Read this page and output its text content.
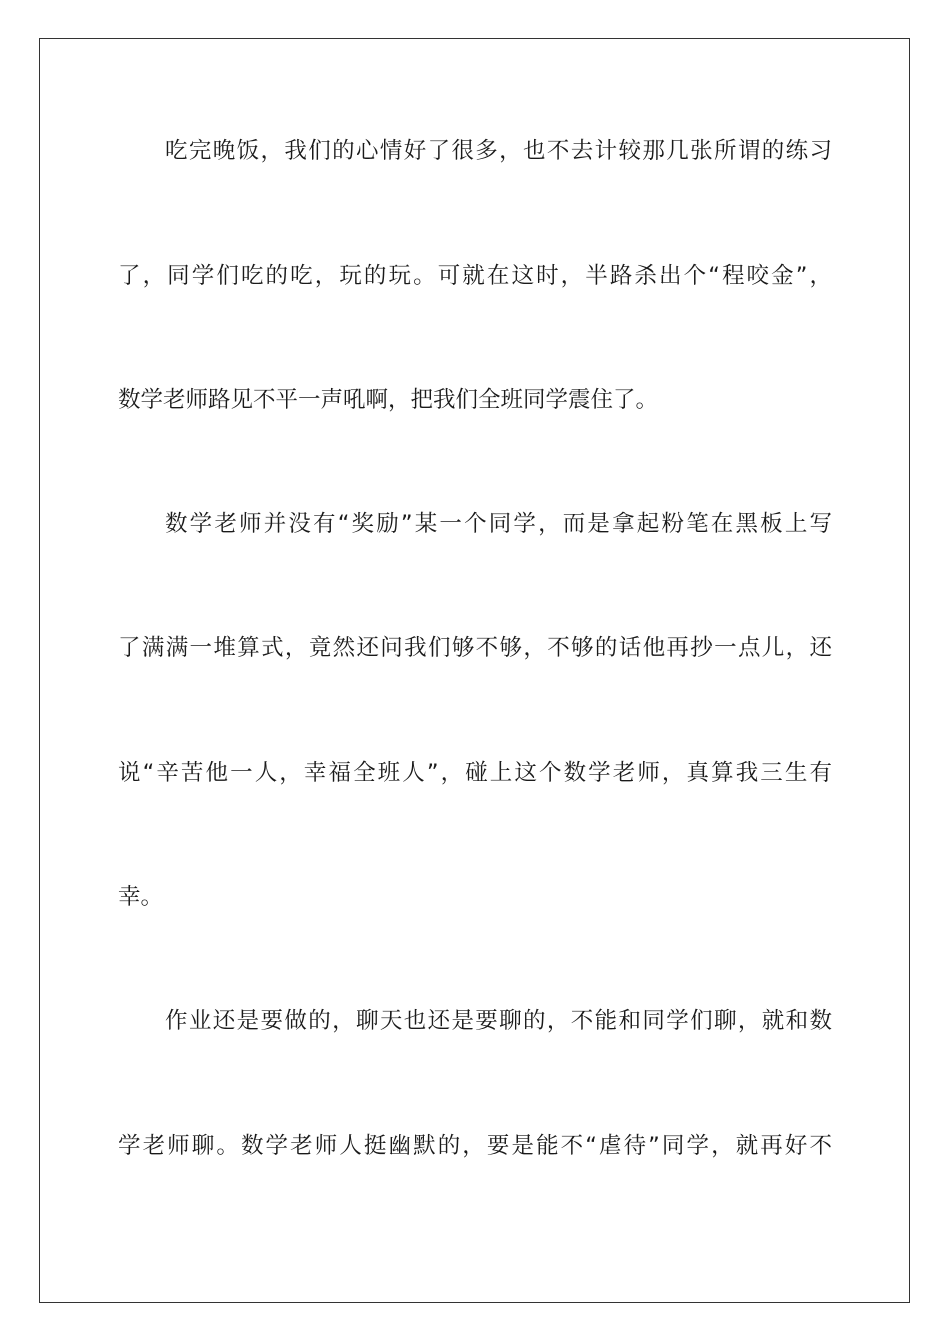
吃完晚饭，我们的心情好了很多，也不去计较那几张所谓的练习
了，同学们吃的吃，玩的玩。可就在这时，半路杀出个“程咬金”，
数学老师路见不平一声吼啊，把我们全班同学震住了。
数学老师并没有“奖励”某一个同学，而是拿起粉笔在黑板上写
了满满一堆算式，竟然还问我们够不够，不够的话他再抄一点儿，还
说“辛苦他一人，幸福全班人”，碰上这个数学老师，真算我三生有
幸。
作业还是要做的，聊天也还是要聊的，不能和同学们聊，就和数
学老师聊。数学老师人挺幽默的，要是能不“虐待”同学，就再好不
